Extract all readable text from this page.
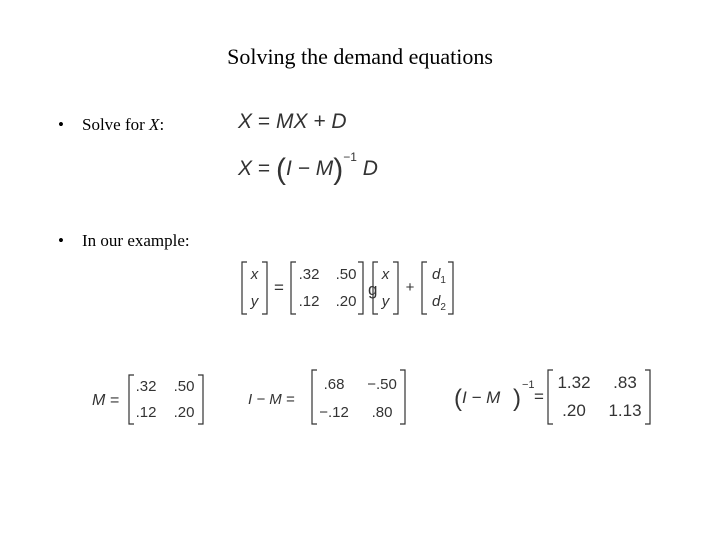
Solving the demand equations
• Solve for X:
• In our example:
X = MX + D
$X = (I - M)^{-1}$ D
x
y
=
.32 .50
.12 .20
g
x
y
+
$d_1$
$d_2$
M =
.32 .50
.12 .20
I − M =
.68 −.50
−.12 .80
( I − M ) −1
=
1.32 .83
.20 1.13
